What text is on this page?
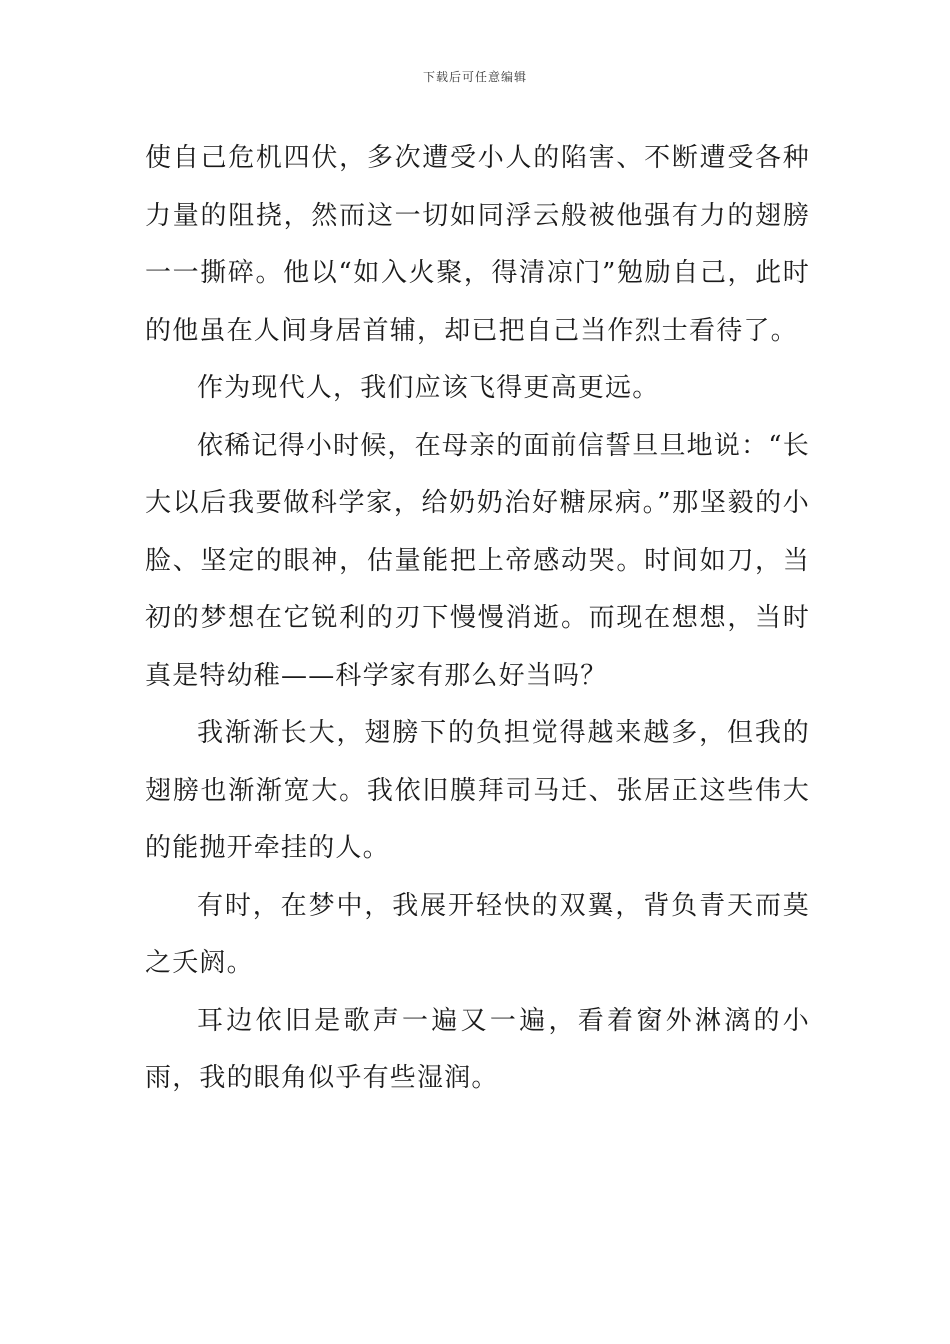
下载后可任意编辑

使自己危机四伏，多次遭受小人的陷害、不断遭受各种力量的阻挠，然而这一切如同浮云般被他强有力的翅膀一一撕碎。他以“如入火聚，得清凉门”勉励自己，此时的他虽在人间身居首辅，却已把自己当作烈士看待了。

作为现代人，我们应该飞得更高更远。

依稀记得小时候，在母亲的面前信誓旦旦地说：“长大以后我要做科学家，给奶奶治好糖尿病。”那坚毅的小脸、坚定的眼神，估量能把上帝感动哭。时间如刀，当初的梦想在它锐利的刃下慢慢消逝。而现在想想，当时真是特幼稚——科学家有那么好当吗？

我渐渐长大，翅膀下的负担觉得越来越多，但我的翅膀也渐渐宽大。我依旧膜拜司马迁、张居正这些伟大的能抛开牵挂的人。

有时，在梦中，我展开轻快的双翼，背负青天而莫之夭阏。

耳边依旧是歌声一遍又一遍，看着窗外淋漓的小雨，我的眼角似乎有些湿润。
